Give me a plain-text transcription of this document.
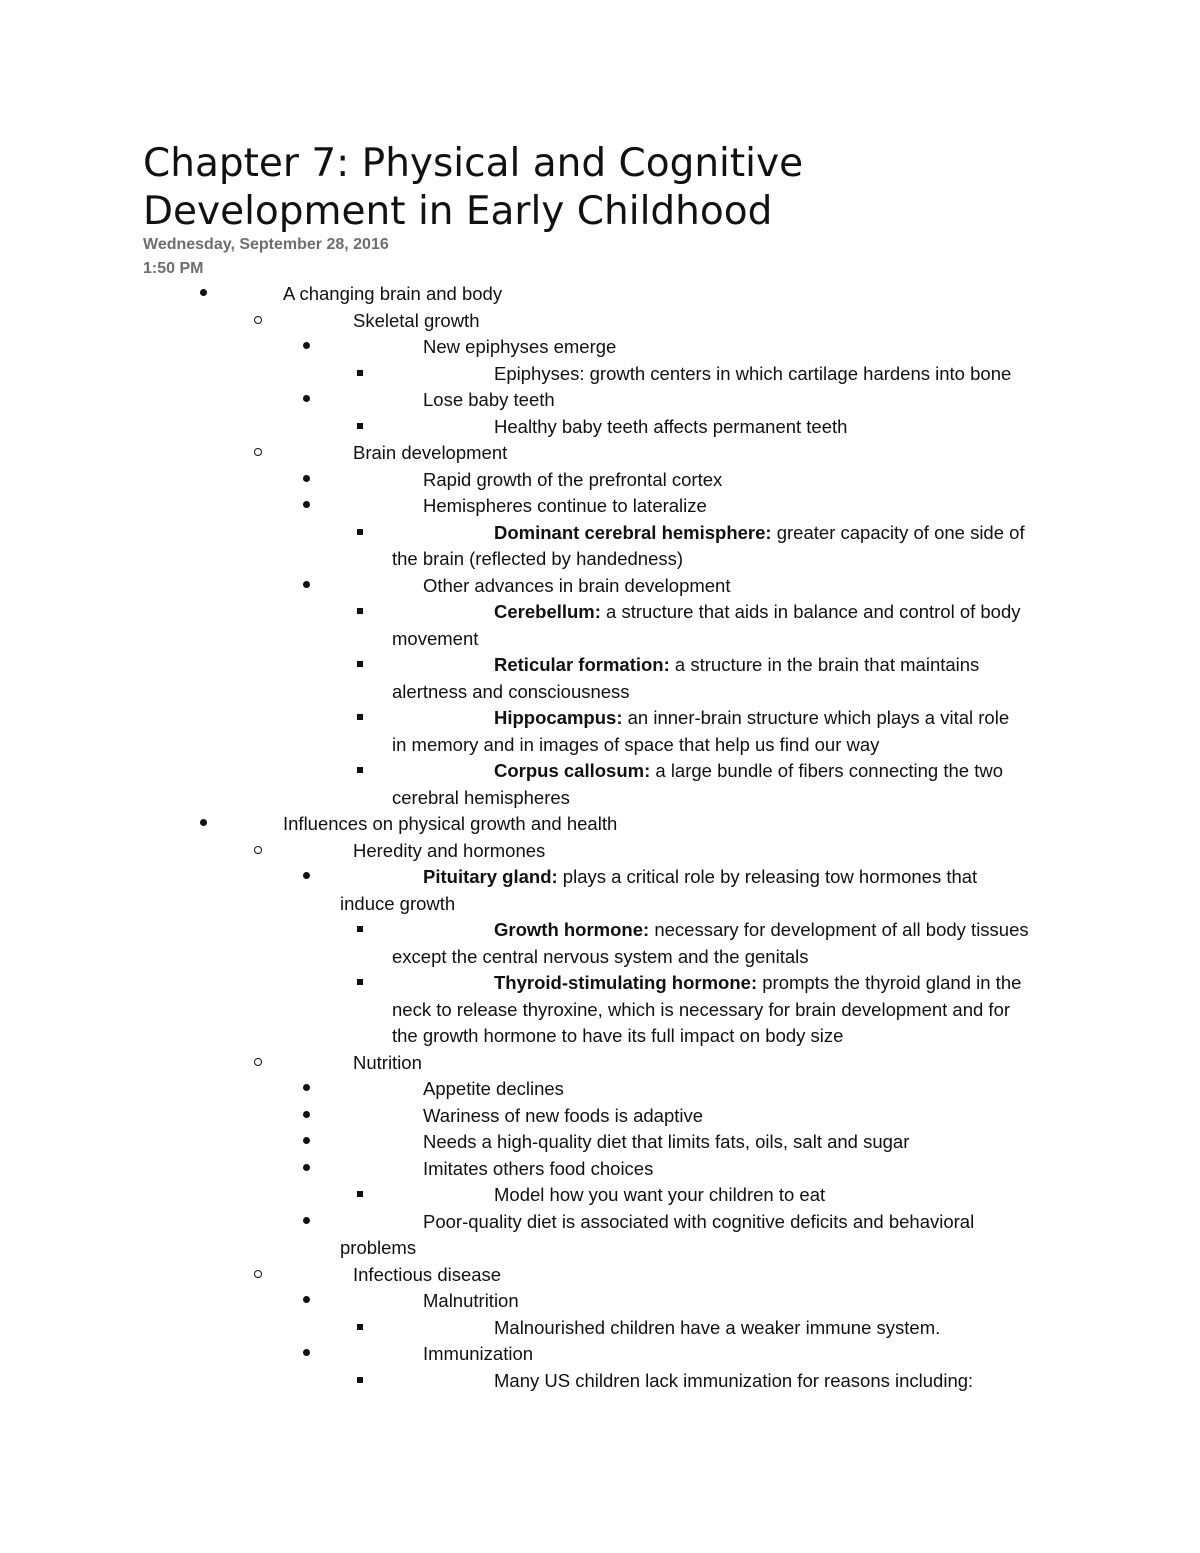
Chapter 7: Physical and Cognitive
Development in Early Childhood
Wednesday, September 28, 2016
1:50 PM
A changing brain and body
Skeletal growth
New epiphyses emerge
Epiphyses: growth centers in which cartilage hardens into bone
Lose baby teeth
Healthy baby teeth affects permanent teeth
Brain development
Rapid growth of the prefrontal cortex
Hemispheres continue to lateralize
Dominant cerebral hemisphere: greater capacity of one side of
the brain (reflected by handedness)
Other advances in brain development
Cerebellum: a structure that aids in balance and control of body
movement
Reticular formation: a structure in the brain that maintains
alertness and consciousness
Hippocampus: an inner-brain structure which plays a vital role
in memory and in images of space that help us find our way
Corpus callosum: a large bundle of fibers connecting the two
cerebral hemispheres
Influences on physical growth and health
Heredity and hormones
Pituitary gland: plays a critical role by releasing tow hormones that
induce growth
Growth hormone: necessary for development of all body tissues
except the central nervous system and the genitals
Thyroid-stimulating hormone: prompts the thyroid gland in the
neck to release thyroxine, which is necessary for brain development and for
the growth hormone to have its full impact on body size
Nutrition
Appetite declines
Wariness of new foods is adaptive
Needs a high-quality diet that limits fats, oils, salt and sugar
Imitates others food choices
Model how you want your children to eat
Poor-quality diet is associated with cognitive deficits and behavioral
problems
Infectious disease
Malnutrition
Malnourished children have a weaker immune system.
Immunization
Many US children lack immunization for reasons including:
